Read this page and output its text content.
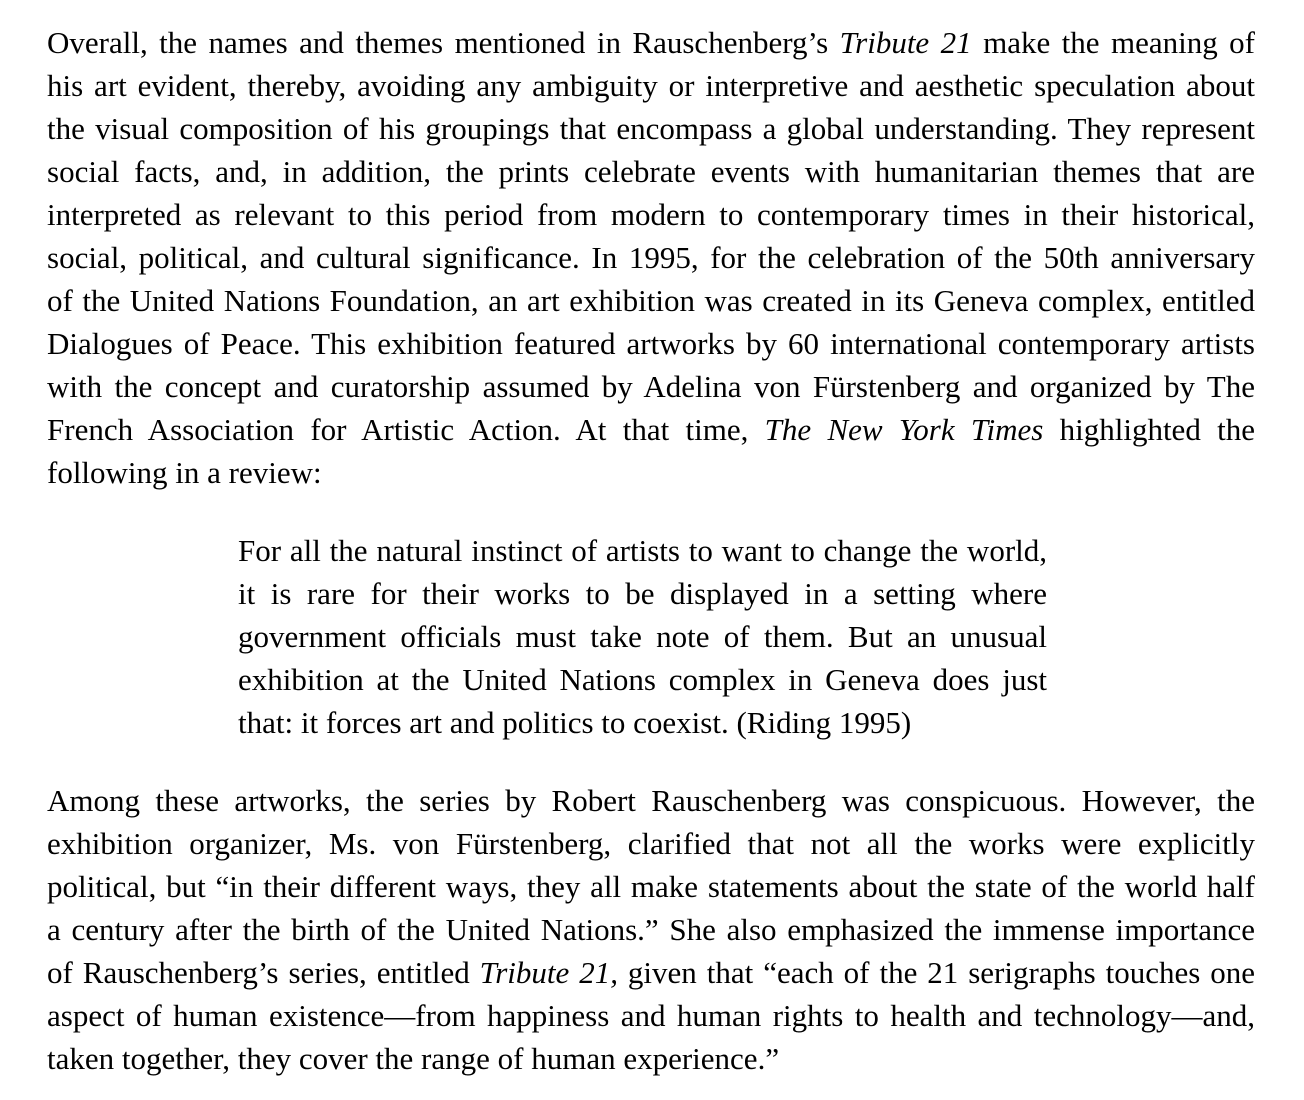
Overall, the names and themes mentioned in Rauschenberg’s Tribute 21 make the meaning of
his art evident, thereby, avoiding any ambiguity or interpretive and aesthetic speculation about
the visual composition of his groupings that encompass a global understanding. They represent
social facts, and, in addition, the prints celebrate events with humanitarian themes that are
interpreted as relevant to this period from modern to contemporary times in their historical,
social, political, and cultural significance. In 1995, for the celebration of the 50th anniversary
of the United Nations Foundation, an art exhibition was created in its Geneva complex, entitled
Dialogues of Peace. This exhibition featured artworks by 60 international contemporary artists
with the concept and curatorship assumed by Adelina von Fürstenberg and organized by The
French Association for Artistic Action. At that time, The New York Times highlighted the
following in a review:
For all the natural instinct of artists to want to change the world,
it is rare for their works to be displayed in a setting where
government officials must take note of them. But an unusual
exhibition at the United Nations complex in Geneva does just
that: it forces art and politics to coexist. (Riding 1995)
Among these artworks, the series by Robert Rauschenberg was conspicuous. However, the
exhibition organizer, Ms. von Fürstenberg, clarified that not all the works were explicitly
political, but “in their different ways, they all make statements about the state of the world half
a century after the birth of the United Nations.” She also emphasized the immense importance
of Rauschenberg’s series, entitled Tribute 21, given that “each of the 21 serigraphs touches one
aspect of human existence—from happiness and human rights to health and technology—and,
taken together, they cover the range of human experience.”
